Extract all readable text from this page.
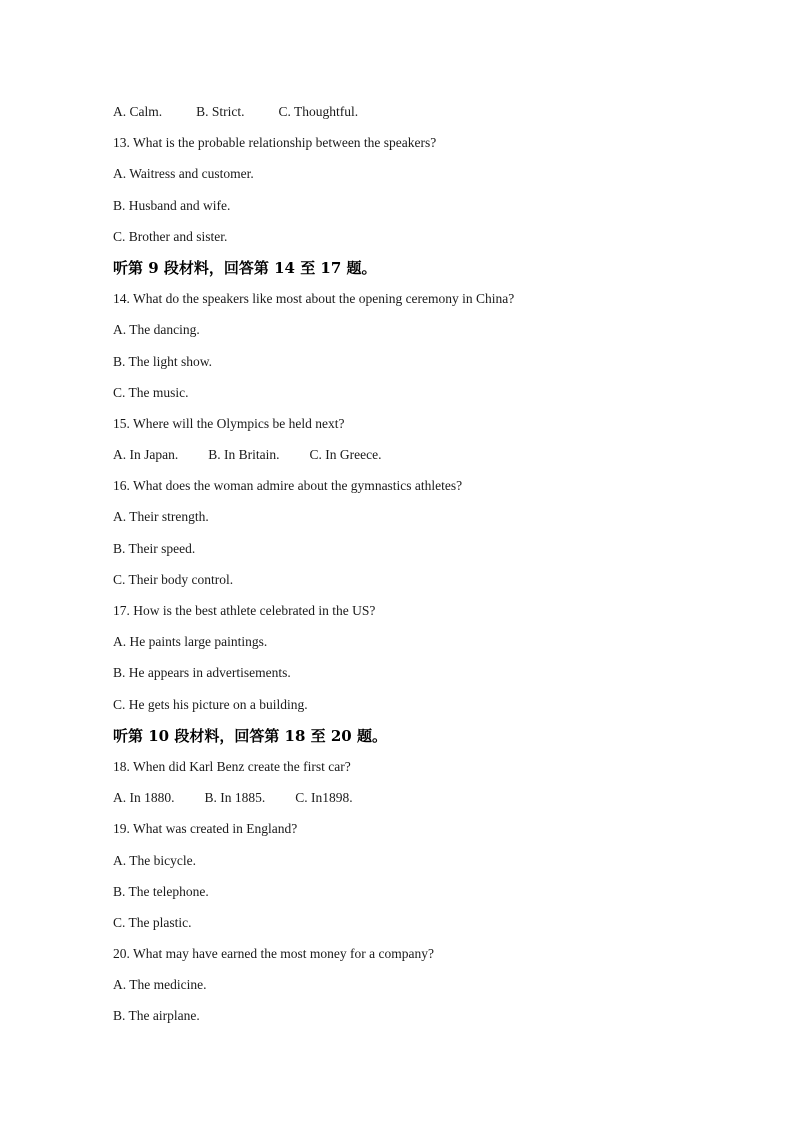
A. Calm.	B. Strict.	C. Thoughtful.
13. What is the probable relationship between the speakers?
A. Waitress and customer.
B. Husband and wife.
C. Brother and sister.
听第 9 段材料，回答第 14 至 17 题。
14. What do the speakers like most about the opening ceremony in China?
A. The dancing.
B. The light show.
C. The music.
15. Where will the Olympics be held next?
A. In Japan. B. In Britain. C. In Greece.
16. What does the woman admire about the gymnastics athletes?
A. Their strength.
B. Their speed.
C. Their body control.
17. How is the best athlete celebrated in the US?
A. He paints large paintings.
B. He appears in advertisements.
C. He gets his picture on a building.
听第 10 段材料，回答第 18 至 20 题。
18. When did Karl Benz create the first car?
A. In 1880. B. In 1885. C. In1898.
19. What was created in England?
A. The bicycle.
B. The telephone.
C. The plastic.
20. What may have earned the most money for a company?
A. The medicine.
B. The airplane.
